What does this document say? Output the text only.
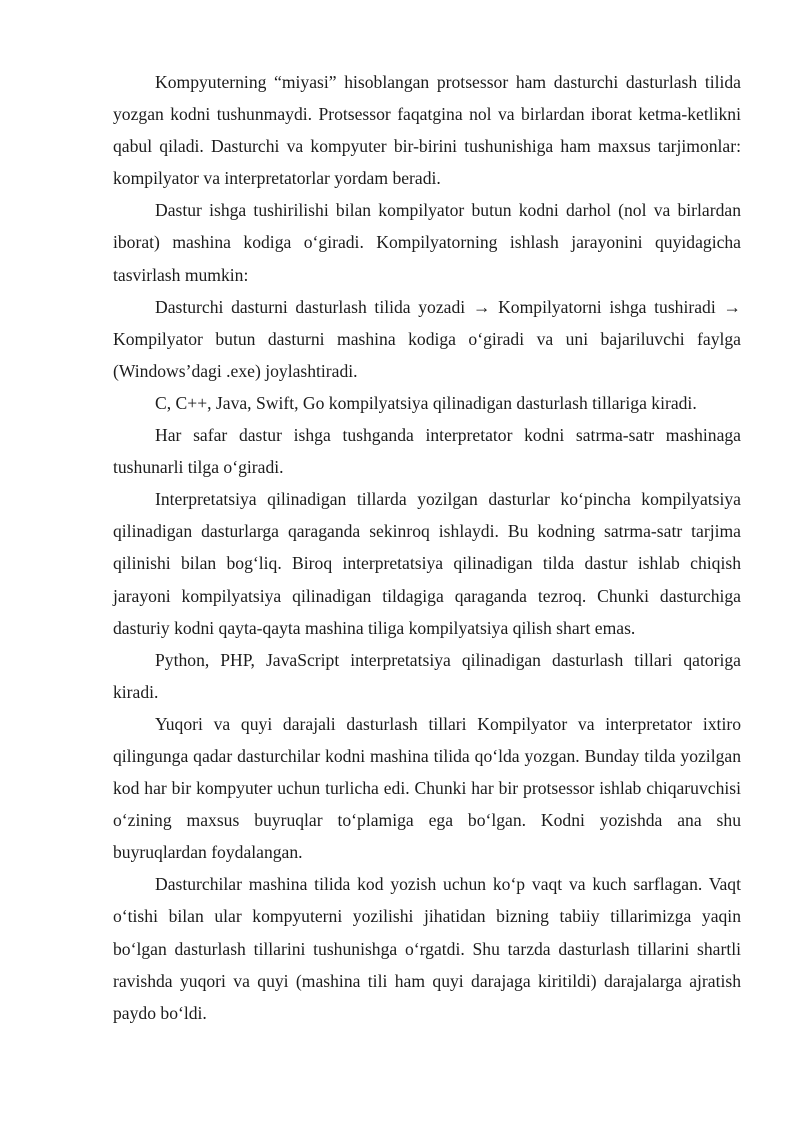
Kompyuterning “miyasi” hisoblangan protsessor ham dasturchi dasturlash tilida yozgan kodni tushunmaydi. Protsessor faqatgina nol va birlardan iborat ketma-ketlikni qabul qiladi. Dasturchi va kompyuter bir-birini tushunishiga ham maxsus tarjimonlar: kompilyator va interpretatorlar yordam beradi.

Dastur ishga tushirilishi bilan kompilyator butun kodni darhol (nol va birlardan iborat) mashina kodiga o‘giradi. Kompilyatorning ishlash jarayonini quyidagicha tasvirlash mumkin:

Dasturchi dasturni dasturlash tilida yozadi → Kompilyatorni ishga tushiradi → Kompilyator butun dasturni mashina kodiga o‘giradi va uni bajariluvchi faylga (Windows’dagi .exe) joylashtiradi.

C, C++, Java, Swift, Go kompilyatsiya qilinadigan dasturlash tillariga kiradi.

Har safar dastur ishga tushganda interpretator kodni satrma-satr mashinaga tushunarli tilga o‘giradi.

Interpretatsiya qilinadigan tillarda yozilgan dasturlar ko‘pincha kompilyatsiya qilinadigan dasturlarga qaraganda sekinroq ishlaydi. Bu kodning satrma-satr tarjima qilinishi bilan bog‘liq. Biroq interpretatsiya qilinadigan tilda dastur ishlab chiqish jarayoni kompilyatsiya qilinadigan tildagiga qaraganda tezroq. Chunki dasturchiga dasturiy kodni qayta-qayta mashina tiliga kompilyatsiya qilish shart emas.

Python, PHP, JavaScript interpretatsiya qilinadigan dasturlash tillari qatoriga kiradi.

Yuqori va quyi darajali dasturlash tillari Kompilyator va interpretator ixtiro qilingunga qadar dasturchilar kodni mashina tilida qo‘lda yozgan. Bunday tilda yozilgan kod har bir kompyuter uchun turlicha edi. Chunki har bir protsessor ishlab chiqaruvchisi o‘zining maxsus buyruqlar to‘plamiga ega bo‘lgan. Kodni yozishda ana shu buyruqlardan foydalangan.

Dasturchilar mashina tilida kod yozish uchun ko‘p vaqt va kuch sarflagan. Vaqt o‘tishi bilan ular kompyuterni yozilishi jihatidan bizning tabiiy tillarimizga yaqin bo‘lgan dasturlash tillarini tushunishga o‘rgatdi. Shu tarzda dasturlash tillarini shartli ravishda yuqori va quyi (mashina tili ham quyi darajaga kiritildi) darajalarga ajratish paydo bo‘ldi.
